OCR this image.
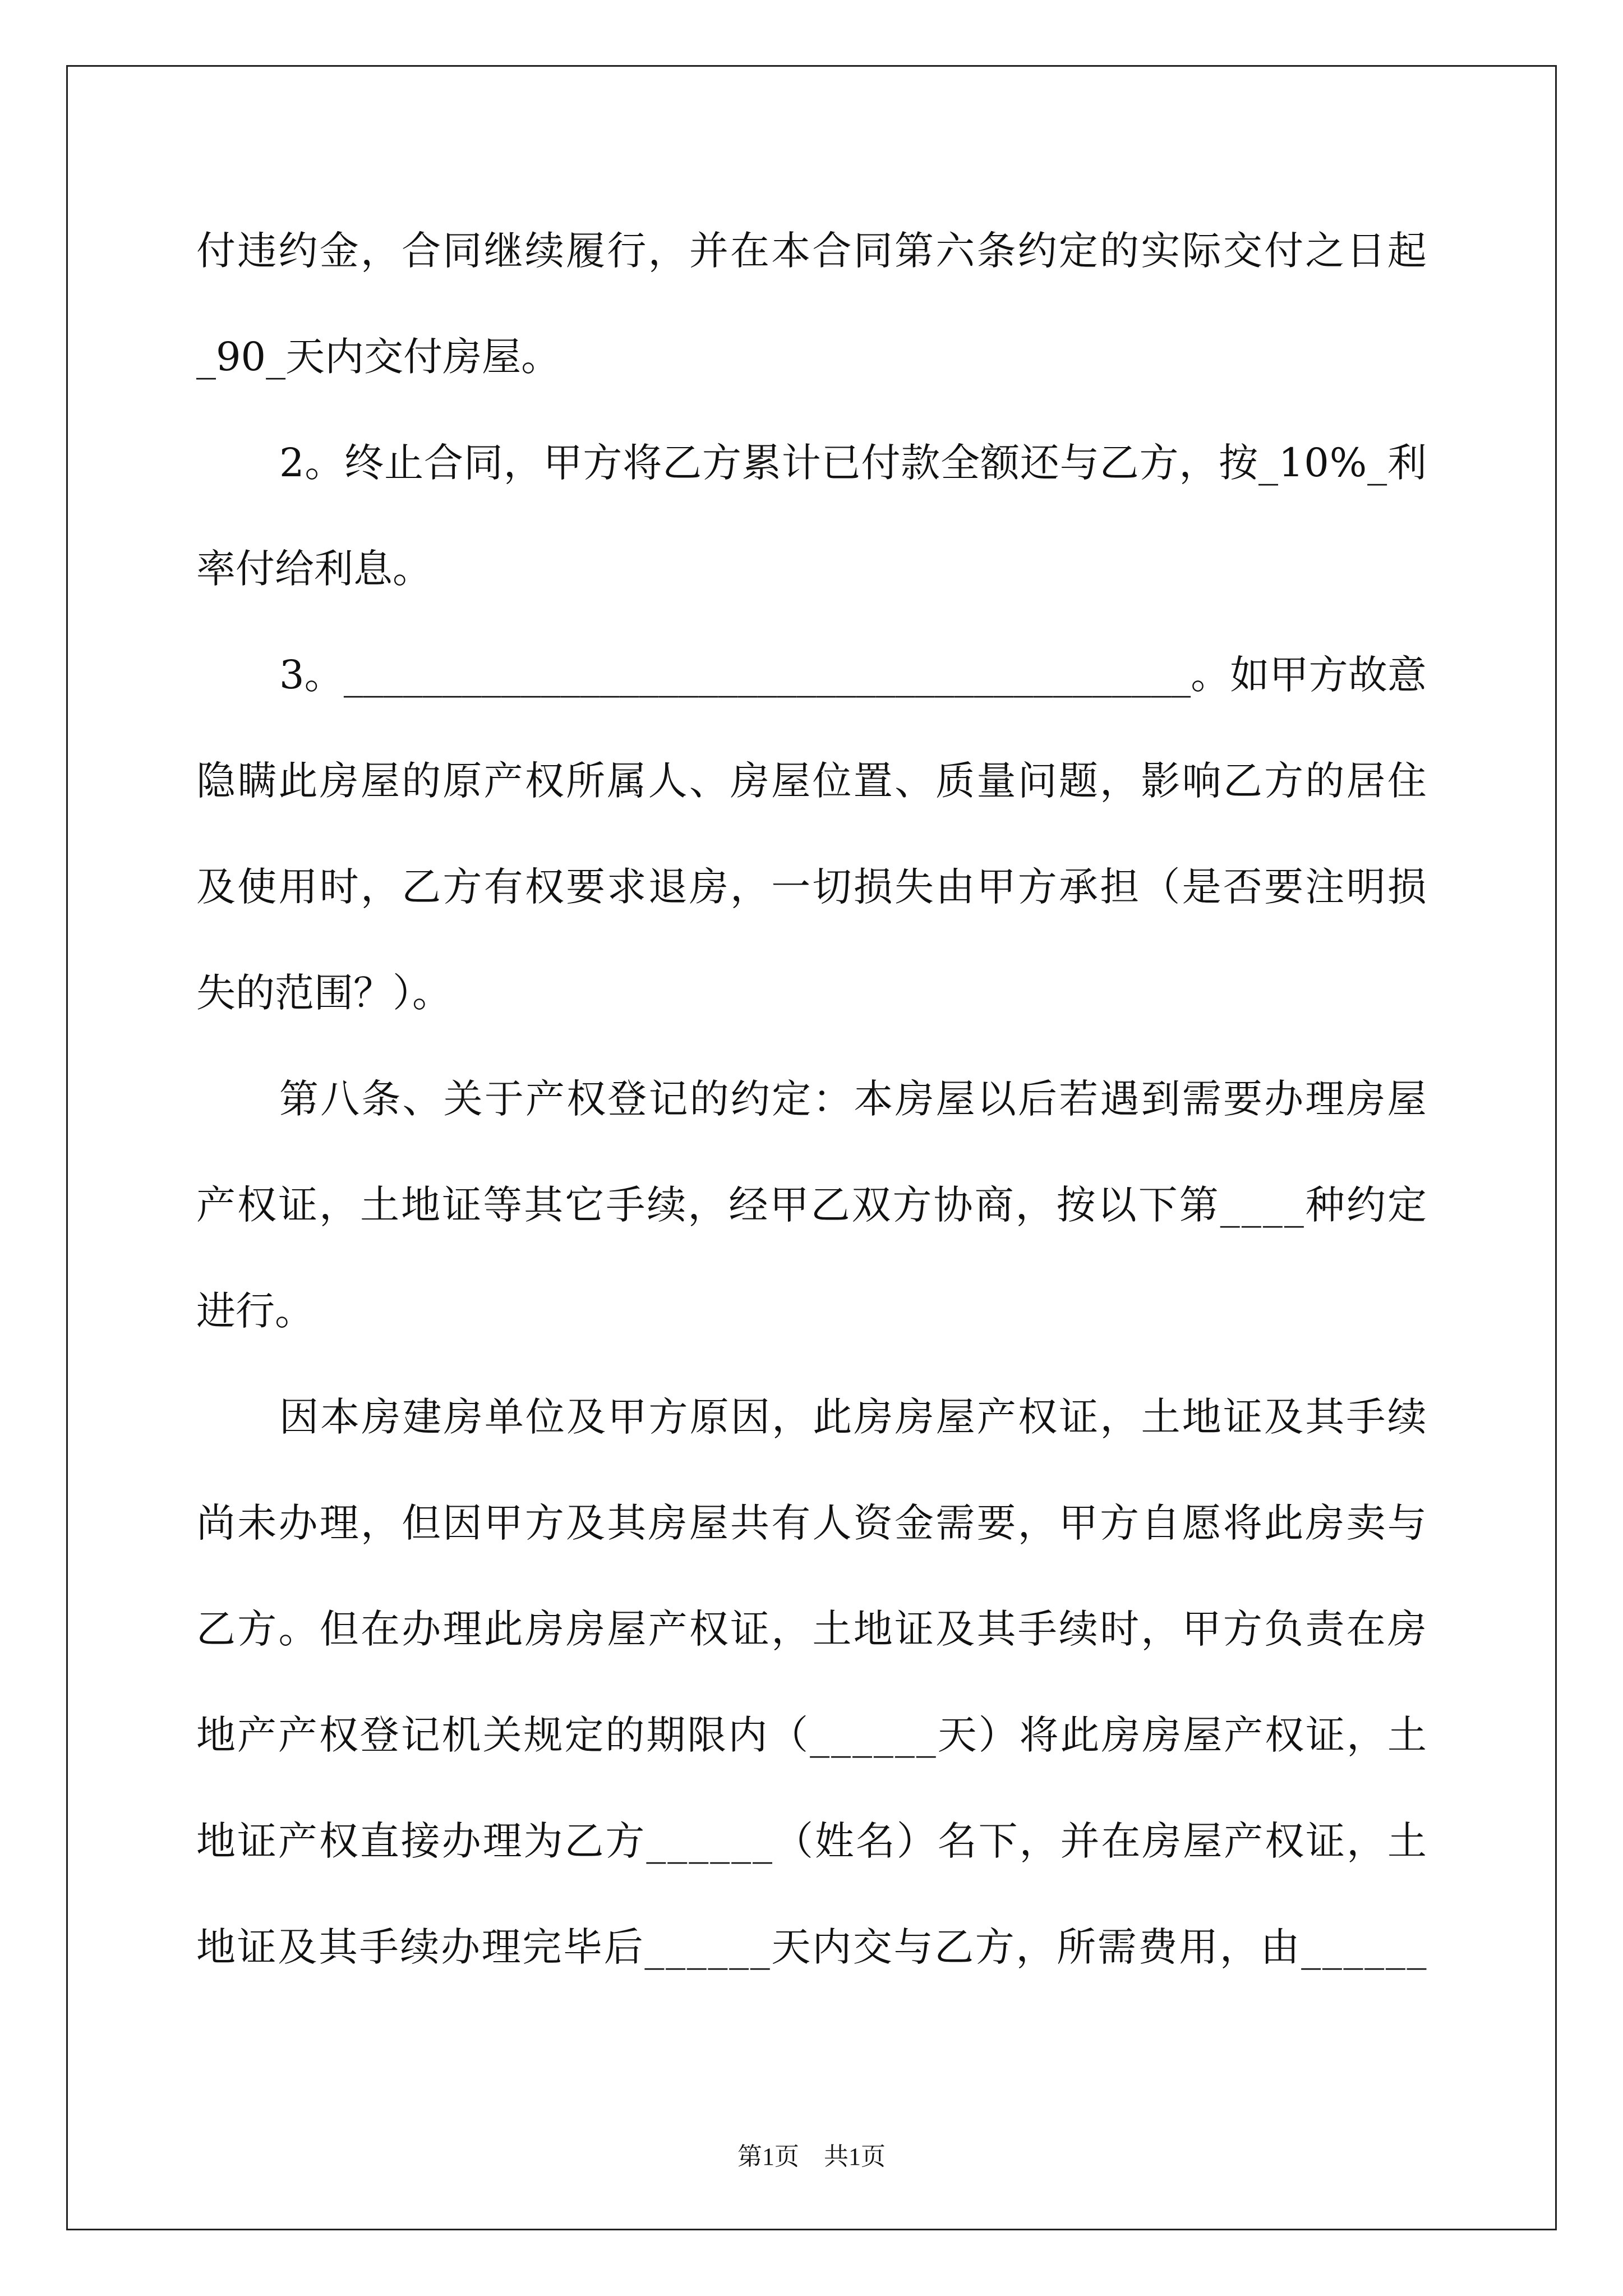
付 违 约 金 ， 合 同 继 续 履 行 ， 并 在 本 合 同 第 六 条 约 定 的 实 际 交 付 之 日 起
_90_天内交付房屋。
2 。 终 止 合 同 ， 甲 方 将 乙 方 累 计 已 付 款 全 额 还 与 乙 方 ， 按 _ 1 0 % _ 利
率付给利息。
3 。 _ _ _ _ _ _ _ _ _ _ _ _ _ _ _ _ _ _ _ _ _ _ _ _ _ _ _ _ _ _ _ _ _ _ _ _ _ _ _ _ _ _ _ 。 如 甲 方 故 意
隐 瞒 此 房 屋 的 原 产 权 所 属 人 、 房 屋 位 置 、 质 量 问 题 ， 影 响 乙 方 的 居 住
及 使 用 时 ， 乙 方 有 权 要 求 退 房 ， 一 切 损 失 由 甲 方 承 担 （ 是 否 要 注 明 损
失的范围？）。
第 八 条 、 关 于 产 权 登 记 的 约 定 ： 本 房 屋 以 后 若 遇 到 需 要 办 理 房 屋
产 权 证 ， 土 地 证 等 其 它 手 续 ， 经 甲 乙 双 方 协 商 ， 按 以 下 第 _ _ _ _ 种 约 定
进行。
因 本 房 建 房 单 位 及 甲 方 原 因 ， 此 房 房 屋 产 权 证 ， 土 地 证 及 其 手 续
尚 未 办 理 ， 但 因 甲 方 及 其 房 屋 共 有 人 资 金 需 要 ， 甲 方 自 愿 将 此 房 卖 与
乙 方 。 但 在 办 理 此 房 房 屋 产 权 证 ， 土 地 证 及 其 手 续 时 ， 甲 方 负 责 在 房
地 产 产 权 登 记 机 关 规 定 的 期 限 内 （ _ _ _ _ _ _ 天 ） 将 此 房 房 屋 产 权 证 ， 土
地 证 产 权 直 接 办 理 为 乙 方 _ _ _ _ _ _ （ 姓 名 ） 名 下 ， 并 在 房 屋 产 权 证 ， 土
地 证 及 其 手 续 办 理 完 毕 后 _ _ _ _ _ _ 天 内 交 与 乙 方 ， 所 需 费 用 ， 由 _ _ _ _ _ _
第1页　共1页
